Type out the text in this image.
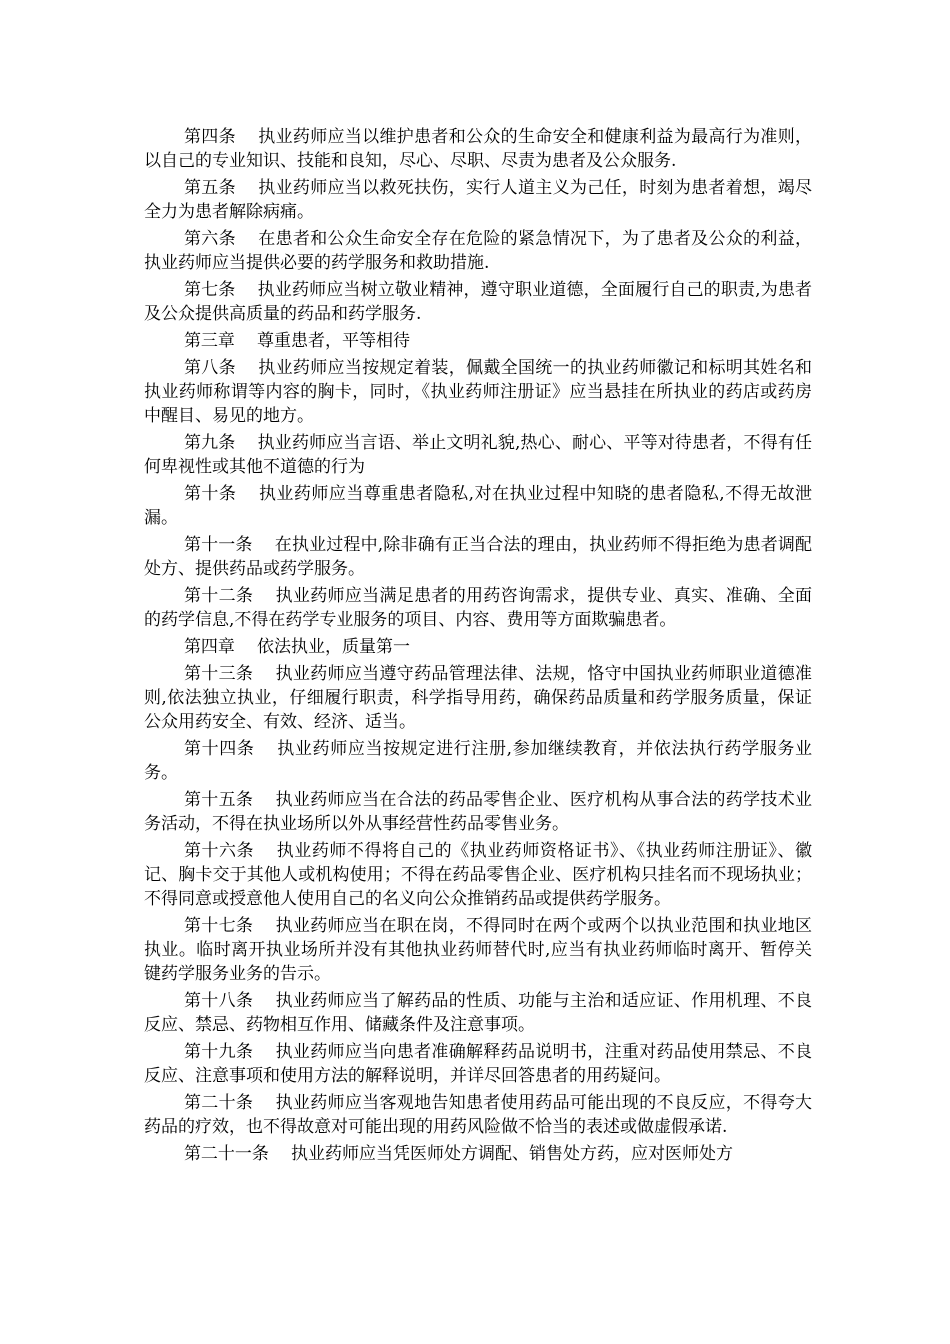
第四条 执业药师应当以维护患者和公众的生命安全和健康利益为最高行为准则，以自己的专业知识、技能和良知，尽心、尽职、尽责为患者及公众服务.

第五条 执业药师应当以救死扶伤，实行人道主义为己任，时刻为患者着想，竭尽全力为患者解除病痛。

第六条 在患者和公众生命安全存在危险的紧急情况下，为了患者及公众的利益，执业药师应当提供必要的药学服务和救助措施.

第七条 执业药师应当树立敬业精神，遵守职业道德，全面履行自己的职责,为患者及公众提供高质量的药品和药学服务.

第三章 尊重患者，平等相待

第八条 执业药师应当按规定着装，佩戴全国统一的执业药师徽记和标明其姓名和执业药师称谓等内容的胸卡，同时，《执业药师注册证》应当悬挂在所执业的药店或药房中醒目、易见的地方。

第九条 执业药师应当言语、举止文明礼貌,热心、耐心、平等对待患者，不得有任何卑视性或其他不道德的行为

第十条 执业药师应当尊重患者隐私,对在执业过程中知晓的患者隐私,不得无故泄漏。

第十一条 在执业过程中,除非确有正当合法的理由，执业药师不得拒绝为患者调配处方、提供药品或药学服务。

第十二条 执业药师应当满足患者的用药咨询需求，提供专业、真实、准确、全面的药学信息,不得在药学专业服务的项目、内容、费用等方面欺骗患者。

第四章 依法执业，质量第一

第十三条 执业药师应当遵守药品管理法律、法规，恪守中国执业药师职业道德准则,依法独立执业，仔细履行职责，科学指导用药，确保药品质量和药学服务质量，保证公众用药安全、有效、经济、适当。

第十四条 执业药师应当按规定进行注册,参加继续教育，并依法执行药学服务业务。

第十五条 执业药师应当在合法的药品零售企业、医疗机构从事合法的药学技术业务活动，不得在执业场所以外从事经营性药品零售业务。

第十六条 执业药师不得将自己的《执业药师资格证书》、《执业药师注册证》、徽记、胸卡交于其他人或机构使用；不得在药品零售企业、医疗机构只挂名而不现场执业；不得同意或授意他人使用自己的名义向公众推销药品或提供药学服务。

第十七条 执业药师应当在职在岗，不得同时在两个或两个以执业范围和执业地区执业。临时离开执业场所并没有其他执业药师替代时,应当有执业药师临时离开、暂停关键药学服务业务的告示。

第十八条 执业药师应当了解药品的性质、功能与主治和适应证、作用机理、不良反应、禁忌、药物相互作用、储藏条件及注意事项。

第十九条 执业药师应当向患者准确解释药品说明书，注重对药品使用禁忌、不良反应、注意事项和使用方法的解释说明，并详尽回答患者的用药疑问。

第二十条 执业药师应当客观地告知患者使用药品可能出现的不良反应，不得夸大药品的疗效，也不得故意对可能出现的用药风险做不恰当的表述或做虚假承诺.

第二十一条 执业药师应当凭医师处方调配、销售处方药，应对医师处方
